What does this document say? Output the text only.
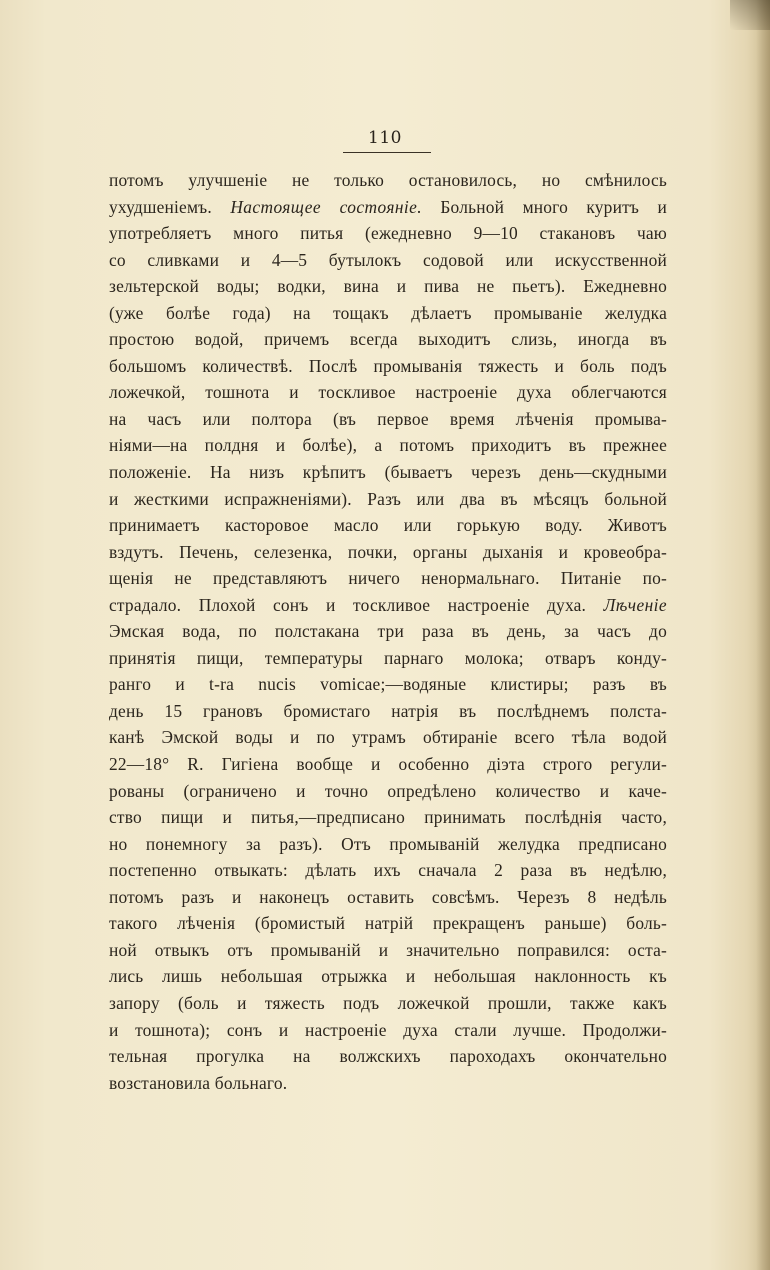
110
потомъ улучшеніе не только остановилось, но смѣнилось
ухудшеніемъ. Настоящее состояніе. Больной много куритъ и
употребляетъ много питья (ежедневно 9—10 стакановъ чаю
со сливками и 4—5 бутылокъ содовой или искусственной
зельтерской воды; водки, вина и пива не пьетъ). Ежедневно
(уже болѣе года) на тощакъ дѣлаетъ промываніе желудка
простою водой, причемъ всегда выходитъ слизь, иногда въ
большомъ количествѣ. Послѣ промыванія тяжесть и боль подъ
ложечкой, тошнота и тоскливое настроеніе духа облегчаются
на часъ или полтора (въ первое время лѣченія промыва-
ніями—на полдня и болѣе), а потомъ приходитъ въ прежнее
положеніе. На низъ крѣпитъ (бываетъ черезъ день—скудными
и жесткими испражненіями). Разъ или два въ мѣсяцъ больной
принимаетъ касторовое масло или горькую воду. Животъ
вздутъ. Печень, селезенка, почки, органы дыханія и кровеобра-
щенія не представляютъ ничего ненормальнаго. Питаніе по-
страдало. Плохой сонъ и тоскливое настроеніе духа. Лѣченіе
Эмская вода, по полстакана три раза въ день, за часъ до
принятія пищи, температуры парнаго молока; отваръ конду-
ранго и t-ra nucis vomicae;—водяные клистиры; разъ въ
день 15 грановъ бромистаго натрія въ послѣднемъ полста-
канѣ Эмской воды и по утрамъ обтираніе всего тѣла водой
22—18° R. Гигіена вообще и особенно діэта строго регули-
рованы (ограничено и точно опредѣлено количество и каче-
ство пищи и питья,—предписано принимать послѣднія часто,
но понемногу за разъ). Отъ промываній желудка предписано
постепенно отвыкать: дѣлать ихъ сначала 2 раза въ недѣлю,
потомъ разъ и наконецъ оставить совсѣмъ. Черезъ 8 недѣль
такого лѣченія (бромистый натрій прекращенъ раньше) боль-
ной отвыкъ отъ промываній и значительно поправился: оста-
лись лишь небольшая отрыжка и небольшая наклонность къ
запору (боль и тяжесть подъ ложечкой прошли, также какъ
и тошнота); сонъ и настроеніе духа стали лучше. Продолжи-
тельная прогулка на волжскихъ пароходахъ окончательно
возстановила больнаго.
